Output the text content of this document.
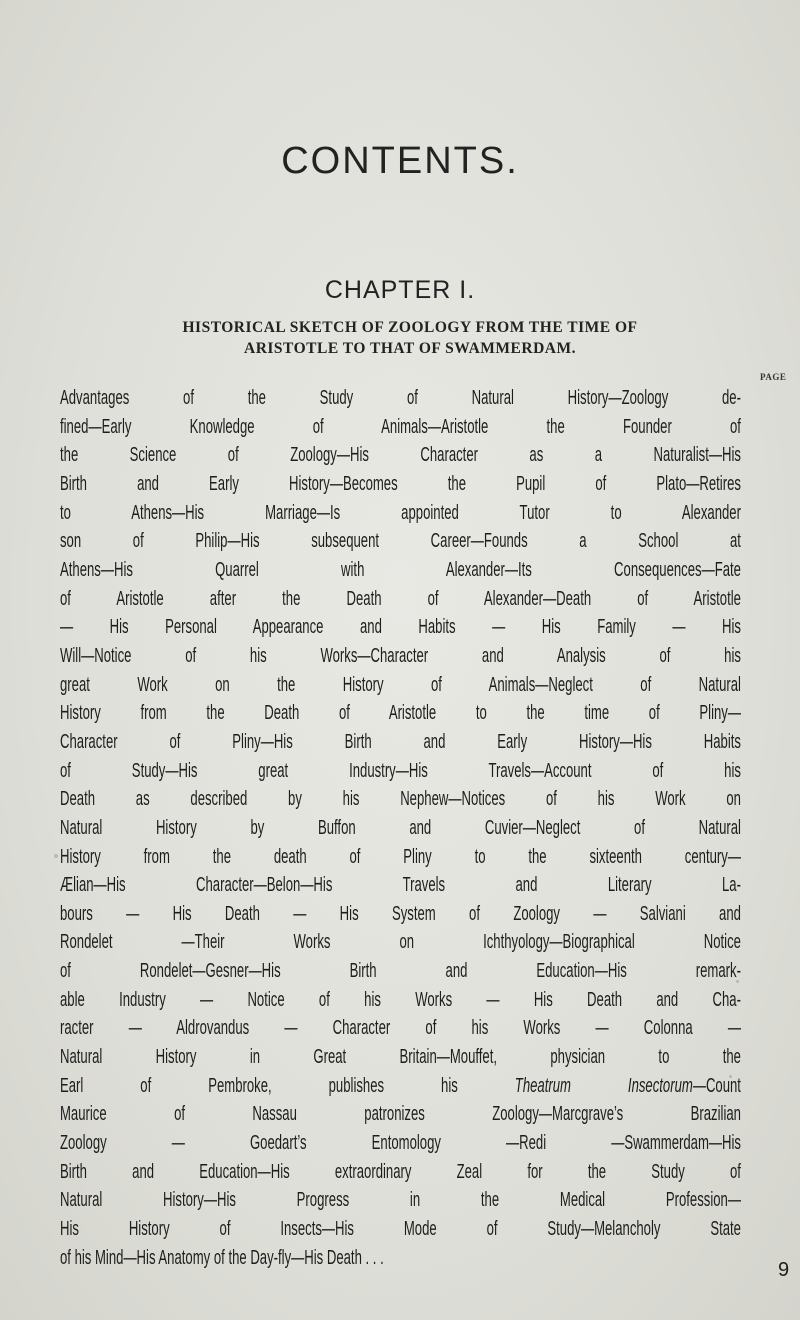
CONTENTS.
CHAPTER I.
HISTORICAL SKETCH OF ZOOLOGY FROM THE TIME OF
ARISTOTLE TO THAT OF SWAMMERDAM.
PAGE
Advantages of the Study of Natural History—Zoology de-
fined—Early Knowledge of Animals—Aristotle the Founder of
the Science of Zoology—His Character as a Naturalist—His
Birth and Early History—Becomes the Pupil of Plato—Retires
to Athens—His Marriage—Is appointed Tutor to Alexander
son of Philip—His subsequent Career—Founds a School at
Athens—His Quarrel with Alexander—Its Consequences—Fate
of Aristotle after the Death of Alexander—Death of Aristotle
— His Personal Appearance and Habits — His Family — His
Will—Notice of his Works—Character and Analysis of his
great Work on the History of Animals—Neglect of Natural
History from the Death of Aristotle to the time of Pliny—
Character of Pliny—His Birth and Early History—His Habits
of Study—His great Industry—His Travels—Account of his
Death as described by his Nephew—Notices of his Work on
Natural History by Buffon and Cuvier—Neglect of Natural
History from the death of Pliny to the sixteenth century—
Ælian—His Character—Belon—His Travels and Literary La-
bours — His Death — His System of Zoology — Salviani and
Rondelet —Their Works on Ichthyology—Biographical Notice
of Rondelet—Gesner—His Birth and Education—His remark-
able Industry — Notice of his Works — His Death and Cha-
racter — Aldrovandus — Character of his Works — Colonna —
Natural History in Great Britain—Mouffet, physician to the
Earl of Pembroke, publishes his Theatrum Insectorum—Count
Maurice of Nassau patronizes Zoology—Marcgrave’s Brazilian
Zoology — Goedart’s Entomology —Redi —Swammerdam—His
Birth and Education—His extraordinary Zeal for the Study of
Natural History—His Progress in the Medical Profession—
His History of Insects—His Mode of Study—Melancholy State
of his Mind—His Anatomy of the Day-fly—His Death . . .
9
